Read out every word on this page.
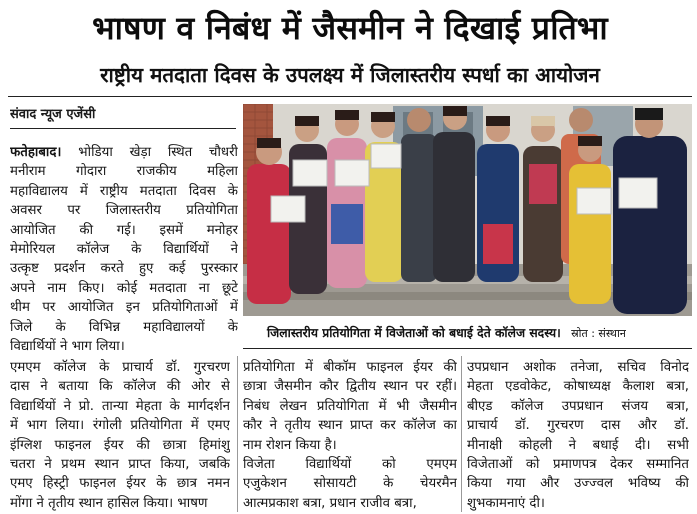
भाषण व निबंध में जैसमीन ने दिखाई प्रतिभा
राष्ट्रीय मतदाता दिवस के उपलक्ष्य में जिलास्तरीय स्पर्धा का आयोजन
संवाद न्यूज एजेंसी
जिलास्तरीय प्रतियोगिता में विजेताओं को बधाई देते कॉलेज सदस्य। स्रोत : संस्थान
फतेहाबाद। भोडिया खेड़ा स्थित चौधरी
मनीराम गोदारा राजकीय महिला
महाविद्यालय में राष्ट्रीय मतदाता दिवस के
अवसर पर जिलास्तरीय प्रतियोगिता
आयोजित की गई। इसमें मनोहर
मेमोरियल कॉलेज के विद्यार्थियों ने
उत्कृष्ट प्रदर्शन करते हुए कई पुरस्कार
अपने नाम किए। कोई मतदाता ना छूटे
थीम पर आयोजित इन प्रतियोगिताओं में
जिले के विभिन्न महाविद्यालयों के
विद्यार्थियों ने भाग लिया।
एमएम कॉलेज के प्राचार्य डॉ. गुरचरण
दास ने बताया कि कॉलेज की ओर से
विद्यार्थियों ने प्रो. तान्या मेहता के मार्गदर्शन
में भाग लिया। रंगोली प्रतियोगिता में एमए
इंग्लिश फाइनल ईयर की छात्रा हिमांशु
चतरा ने प्रथम स्थान प्राप्त किया, जबकि
एमए हिस्ट्री फाइनल ईयर के छात्र नमन
मोंगा ने तृतीय स्थान हासिल किया। भाषण
प्रतियोगिता में बीकॉम फाइनल ईयर की
छात्रा जैसमीन कौर द्वितीय स्थान पर रहीं।
निबंध लेखन प्रतियोगिता में भी जैसमीन
कौर ने तृतीय स्थान प्राप्त कर कॉलेज का
नाम रोशन किया है।
विजेता विद्यार्थियों को एमएम
एजुकेशन सोसायटी के चेयरमैन
आत्मप्रकाश बत्रा, प्रधान राजीव बत्रा,
उपप्रधान अशोक तनेजा, सचिव विनोद
मेहता एडवोकेट, कोषाध्यक्ष कैलाश बत्रा,
बीएड कॉलेज उपप्रधान संजय बत्रा,
प्राचार्य डॉ. गुरचरण दास और डॉ.
मीनाक्षी कोहली ने बधाई दी। सभी
विजेताओं को प्रमाणपत्र देकर सम्मानित
किया गया और उज्ज्वल भविष्य की
शुभकामनाएं दी।
